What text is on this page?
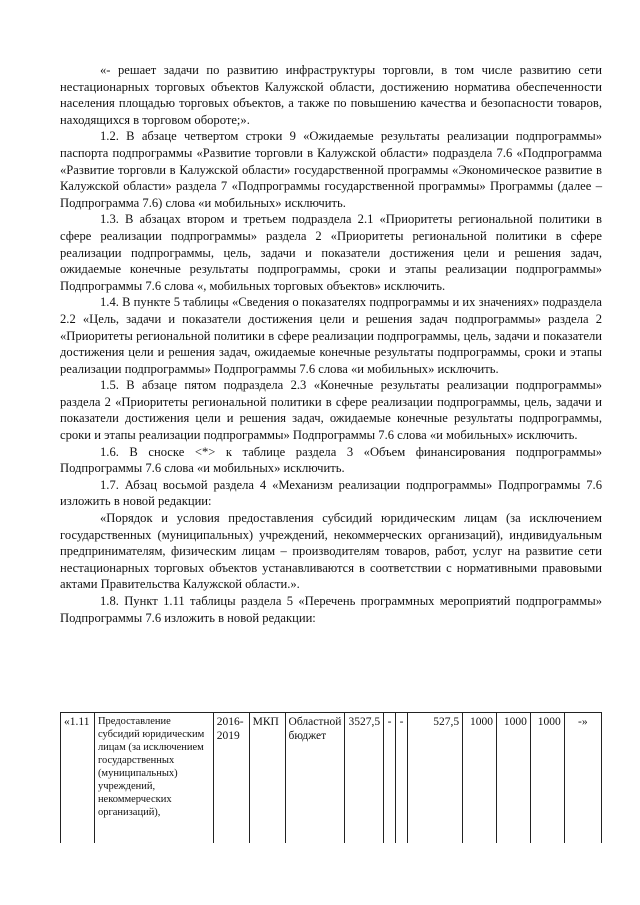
«- решает задачи по развитию инфраструктуры торговли, в том числе развитию сети нестационарных торговых объектов Калужской области, достижению норматива обеспеченности населения площадью торговых объектов, а также по повышению качества и безопасности товаров, находящихся в торговом обороте;».

1.2. В абзаце четвертом строки 9 «Ожидаемые результаты реализации подпрограммы» паспорта подпрограммы «Развитие торговли в Калужской области» подраздела 7.6 «Подпрограмма «Развитие торговли в Калужской области» государственной программы «Экономическое развитие в Калужской области» раздела 7 «Подпрограммы государственной программы» Программы (далее – Подпрограмма 7.6) слова «и мобильных» исключить.

1.3. В абзацах втором и третьем подраздела 2.1 «Приоритеты региональной политики в сфере реализации подпрограммы» раздела 2 «Приоритеты региональной политики в сфере реализации подпрограммы, цель, задачи и показатели достижения цели и решения задач, ожидаемые конечные результаты подпрограммы, сроки и этапы реализации подпрограммы» Подпрограммы 7.6 слова «, мобильных торговых объектов» исключить.

1.4. В пункте 5 таблицы «Сведения о показателях подпрограммы и их значениях» подраздела 2.2 «Цель, задачи и показатели достижения цели и решения задач подпрограммы» раздела 2 «Приоритеты региональной политики в сфере реализации подпрограммы, цель, задачи и показатели достижения цели и решения задач, ожидаемые конечные результаты подпрограммы, сроки и этапы реализации подпрограммы» Подпрограммы 7.6 слова «и мобильных» исключить.

1.5. В абзаце пятом подраздела 2.3 «Конечные результаты реализации подпрограммы» раздела 2 «Приоритеты региональной политики в сфере реализации подпрограммы, цель, задачи и показатели достижения цели и решения задач, ожидаемые конечные результаты подпрограммы, сроки и этапы реализации подпрограммы» Подпрограммы 7.6 слова «и мобильных» исключить.

1.6. В сноске <*> к таблице раздела 3 «Объем финансирования подпрограммы» Подпрограммы 7.6 слова «и мобильных» исключить.

1.7. Абзац восьмой раздела 4 «Механизм реализации подпрограммы» Подпрограммы 7.6 изложить в новой редакции:

«Порядок и условия предоставления субсидий юридическим лицам (за исключением государственных (муниципальных) учреждений, некоммерческих организаций), индивидуальным предпринимателям, физическим лицам – производителям товаров, работ, услуг на развитие сети нестационарных торговых объектов устанавливаются в соответствии с нормативными правовыми актами Правительства Калужской области.».

1.8. Пункт 1.11 таблицы раздела 5 «Перечень программных мероприятий подпрограммы» Подпрограммы 7.6 изложить в новой редакции:

«1.11	Предоставление субсидий юридическим лицам (за исключением государственных (муниципальных) учреждений, некоммерческих организаций),	2016-2019	МКП	Областной бюджет	3527,5	-	-	527,5	1000	1000	1000	-»
